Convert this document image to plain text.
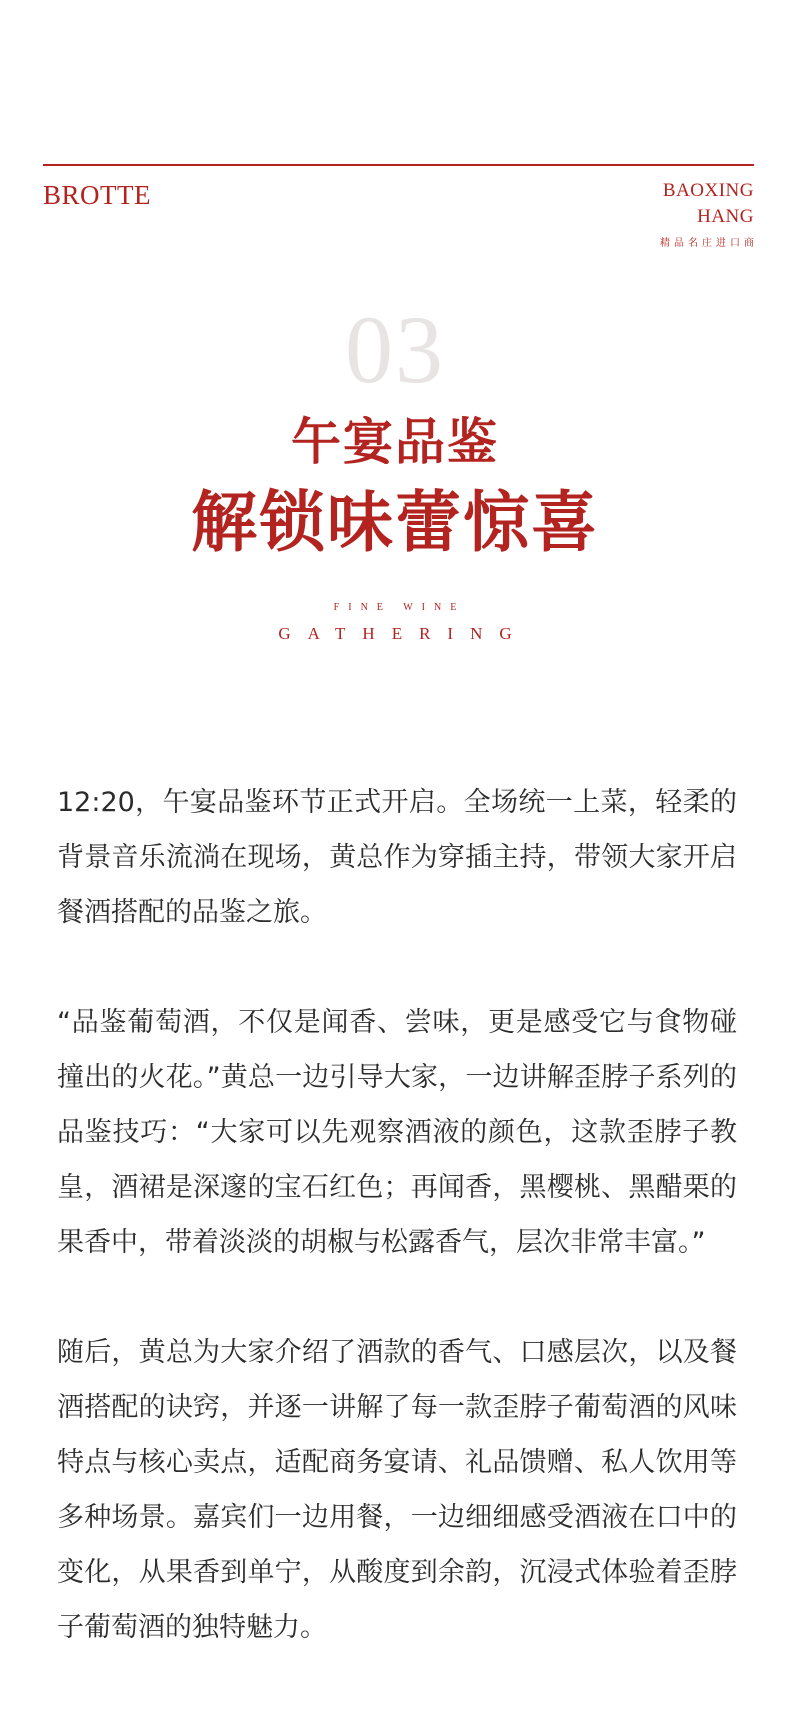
BROTTE	BAOXING
HANG
精品名庄进口商
03
午宴品鉴
解锁味蕾惊喜
FINE WINE
GATHERING

12:20，午宴品鉴环节正式开启。全场统一上菜，轻柔的背景音乐流淌在现场，黄总作为穿插主持，带领大家开启餐酒搭配的品鉴之旅。

“品鉴葡萄酒，不仅是闻香、尝味，更是感受它与食物碰撞出的火花。”黄总一边引导大家，一边讲解歪脖子系列的品鉴技巧：“大家可以先观察酒液的颜色，这款歪脖子教皇，酒裙是深邃的宝石红色；再闻香，黑樱桃、黑醋栗的果香中，带着淡淡的胡椒与松露香气，层次非常丰富。”

随后，黄总为大家介绍了酒款的香气、口感层次，以及餐酒搭配的诀窍，并逐一讲解了每一款歪脖子葡萄酒的风味特点与核心卖点，适配商务宴请、礼品馈赠、私人饮用等多种场景。嘉宾们一边用餐，一边细细感受酒液在口中的变化，从果香到单宁，从酸度到余韵，沉浸式体验着歪脖子葡萄酒的独特魅力。
